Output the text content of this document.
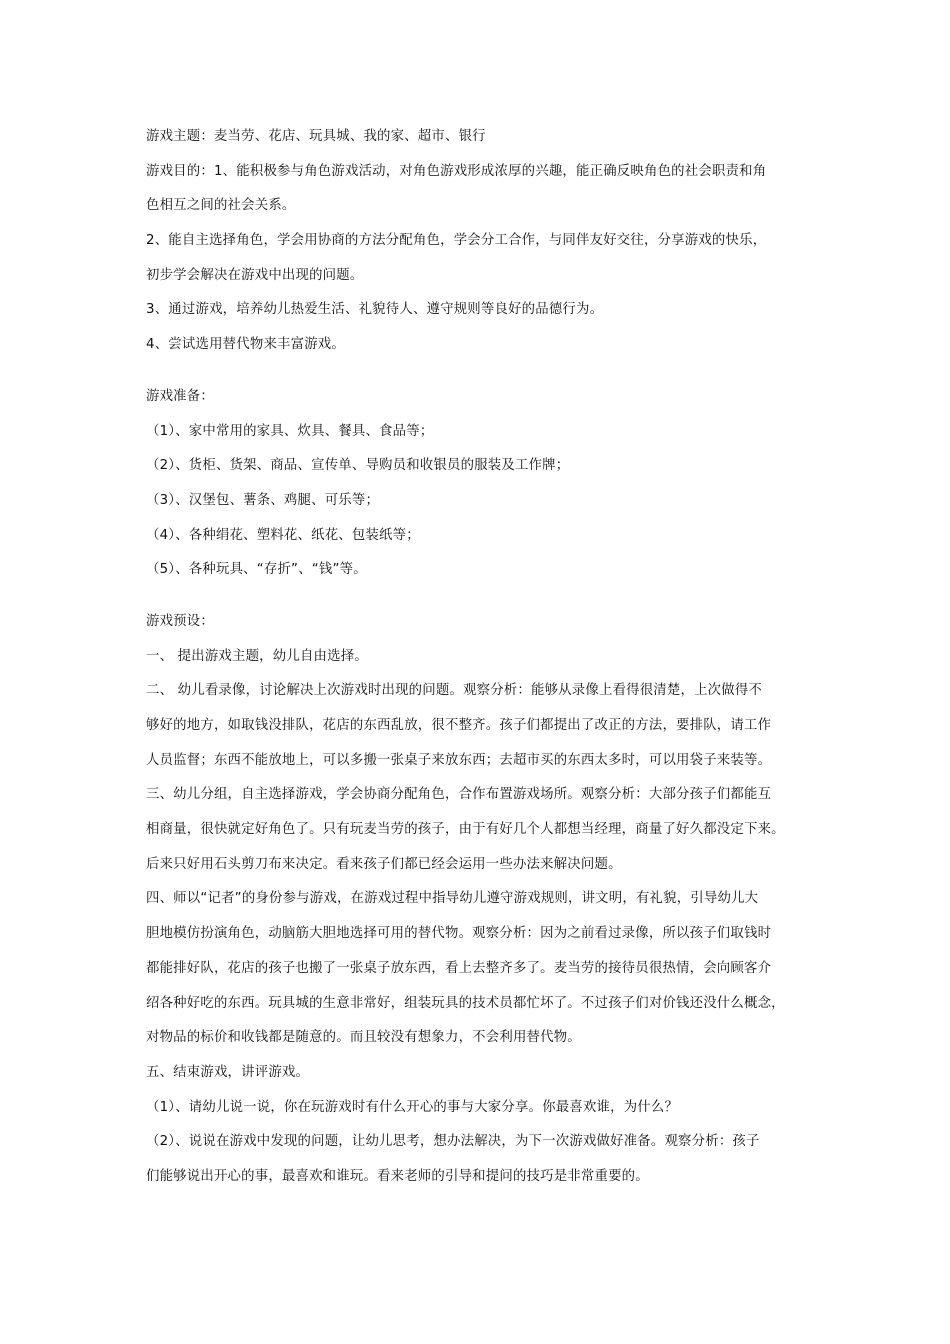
游戏主题：麦当劳、花店、玩具城、我的家、超市、银行
游戏目的：1、能积极参与角色游戏活动，对角色游戏形成浓厚的兴趣，能正确反映角色的社会职责和角
色相互之间的社会关系。
2、能自主选择角色，学会用协商的方法分配角色，学会分工合作，与同伴友好交往，分享游戏的快乐，
初步学会解决在游戏中出现的问题。
3、通过游戏，培养幼儿热爱生活、礼貌待人、遵守规则等良好的品德行为。
4、尝试选用替代物来丰富游戏。
游戏准备：
（1）、家中常用的家具、炊具、餐具、食品等；
（2）、货柜、货架、商品、宣传单、导购员和收银员的服装及工作牌；
（3）、汉堡包、薯条、鸡腿、可乐等；
（4）、各种绢花、塑料花、纸花、包装纸等；
（5）、各种玩具、“存折”、“钱”等。
游戏预设：
一、 提出游戏主题，幼儿自由选择。
二、 幼儿看录像，讨论解决上次游戏时出现的问题。观察分析：能够从录像上看得很清楚，上次做得不
够好的地方，如取钱没排队，花店的东西乱放，很不整齐。孩子们都提出了改正的方法，要排队，请工作
人员监督；东西不能放地上，可以多搬一张桌子来放东西；去超市买的东西太多时，可以用袋子来装等。
三、幼儿分组，自主选择游戏，学会协商分配角色，合作布置游戏场所。观察分析：大部分孩子们都能互
相商量，很快就定好角色了。只有玩麦当劳的孩子，由于有好几个人都想当经理，商量了好久都没定下来。
后来只好用石头剪刀布来决定。看来孩子们都已经会运用一些办法来解决问题。
四、师以“记者”的身份参与游戏，在游戏过程中指导幼儿遵守游戏规则，讲文明，有礼貌，引导幼儿大
胆地模仿扮演角色，动脑筋大胆地选择可用的替代物。观察分析：因为之前看过录像，所以孩子们取钱时
都能排好队，花店的孩子也搬了一张桌子放东西，看上去整齐多了。麦当劳的接待员很热情，会向顾客介
绍各种好吃的东西。玩具城的生意非常好，组装玩具的技术员都忙坏了。不过孩子们对价钱还没什么概念，
对物品的标价和收钱都是随意的。而且较没有想象力，不会利用替代物。
五、结束游戏，讲评游戏。
（1）、请幼儿说一说，你在玩游戏时有什么开心的事与大家分享。你最喜欢谁，为什么？
（2）、说说在游戏中发现的问题，让幼儿思考，想办法解决，为下一次游戏做好准备。观察分析：孩子
们能够说出开心的事，最喜欢和谁玩。看来老师的引导和提问的技巧是非常重要的。
